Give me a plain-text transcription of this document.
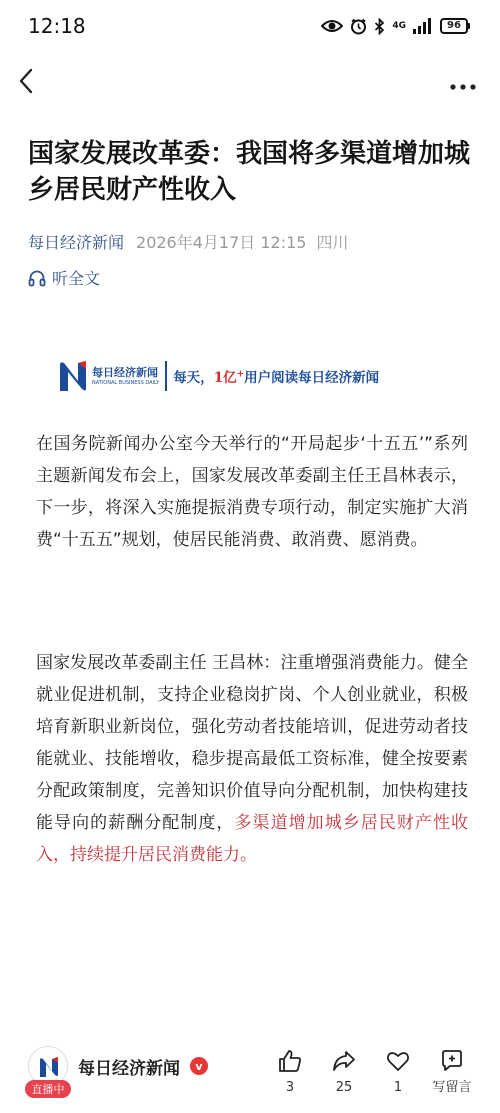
12:18	4G	96
国家发展改革委：我国将多渠道增加城乡居民财产性收入
每日经济新闻 2026年4月17日 12:15 四川
听全文
每日经济新闻
NATIONAL BUSINESS DAILY 每天，1亿+用户阅读每日经济新闻

在国务院新闻办公室今天举行的“开局起步‘十五五’”系列主题新闻发布会上，国家发展改革委副主任王昌林表示，下一步，将深入实施提振消费专项行动，制定实施扩大消费“十五五”规划，使居民能消费、敢消费、愿消费。

国家发展改革委副主任 王昌林：注重增强消费能力。健全就业促进机制，支持企业稳岗扩岗、个人创业就业，积极培育新职业新岗位，强化劳动者技能培训，促进劳动者技能就业、技能增收，稳步提高最低工资标准，健全按要素分配政策制度，完善知识价值导向分配机制，加快构建技能导向的薪酬分配制度，多渠道增加城乡居民财产性收入，持续提升居民消费能力。

直播中
每日经济新闻	v
3	25	1 写留言
